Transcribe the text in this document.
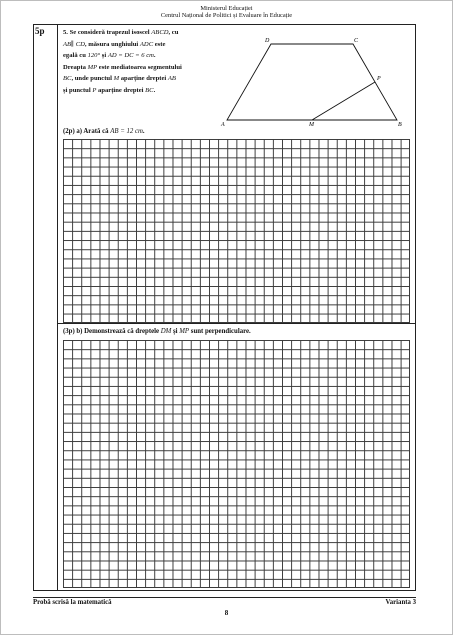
Ministerul Educației
Centrul Național de Politici și Evaluare în Educație
5p	5. Se consideră trapezul isoscel ABCD, cu
AB∥ CD, măsura unghiului ADC este
egală cu 120° și AD = DC = 6 cm.
Dreapta MP este mediatoarea segmentului
BC, unde punctul M aparține dreptei AB
și punctul P aparține dreptei BC.
A	B
C
D
M
P
(2p) a) Arată că AB = 12 cm.
(3p) b) Demonstrează că dreptele DM și MP sunt perpendiculare.
Probă scrisă la matematică	Varianta 3
8
